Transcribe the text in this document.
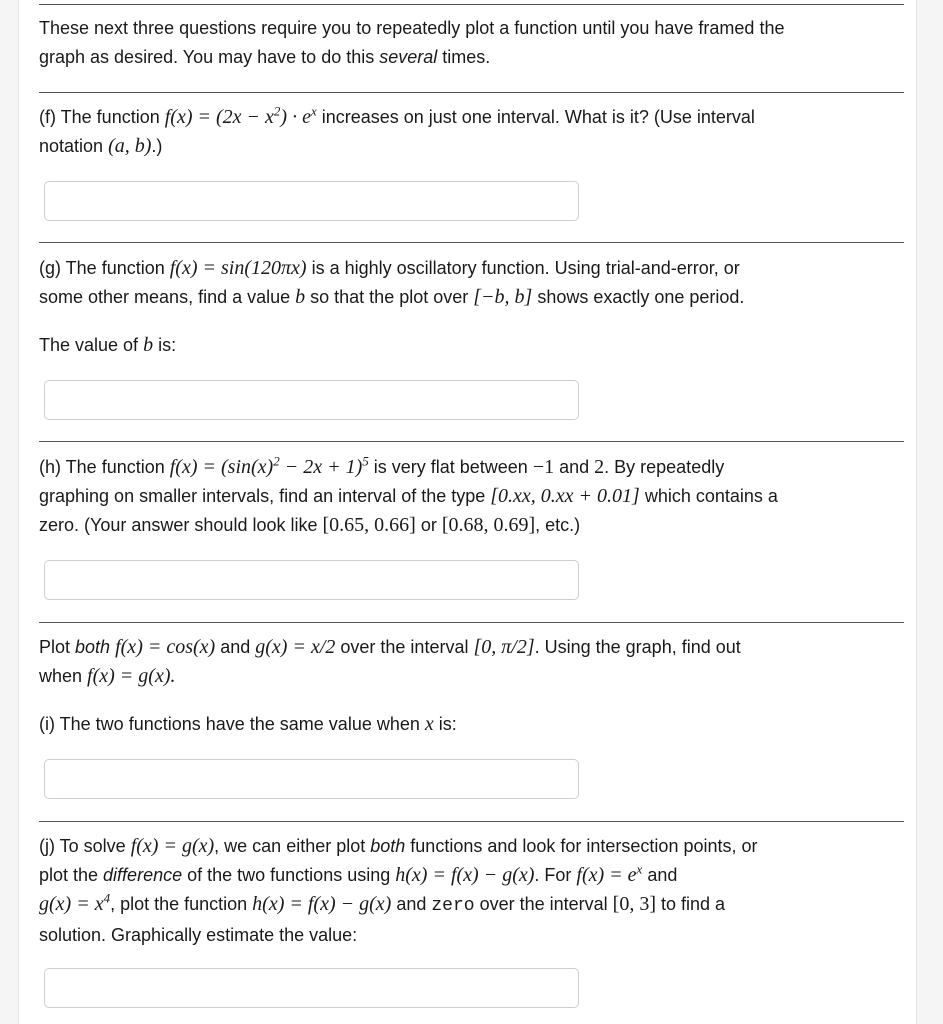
These next three questions require you to repeatedly plot a function until you have framed the
graph as desired. You may have to do this several times.

(f) The function $f(x) = (2x - x^2) \cdot e^x$ increases on just one interval. What is it? (Use interval
notation (a, b).)

(g) The function f(x) = sin(120πx) is a highly oscillatory function. Using trial-and-error, or
some other means, find a value b so that the plot over [−b, b] shows exactly one period.

The value of b is:

(h) The function $f(x) = (\sin(x)^2 - 2x + 1)^5$ is very flat between −1 and 2. By repeatedly
graphing on smaller intervals, find an interval of the type [0.xx, 0.xx + 0.01] which contains a
zero. (Your answer should look like [0.65, 0.66] or [0.68, 0.69], etc.)

Plot both f(x) = cos(x) and g(x) = x/2 over the interval [0, π/2]. Using the graph, find out
when f(x) = g(x).

(i) The two functions have the same value when x is:

(j) To solve f(x) = g(x), we can either plot both functions and look for intersection points, or
plot the difference of the two functions using h(x) = f(x) − g(x). For $f(x) = e^x$ and
$g(x) = x^4$, plot the function h(x) = f(x) − g(x) and zero over the interval [0, 3] to find a
solution. Graphically estimate the value:
